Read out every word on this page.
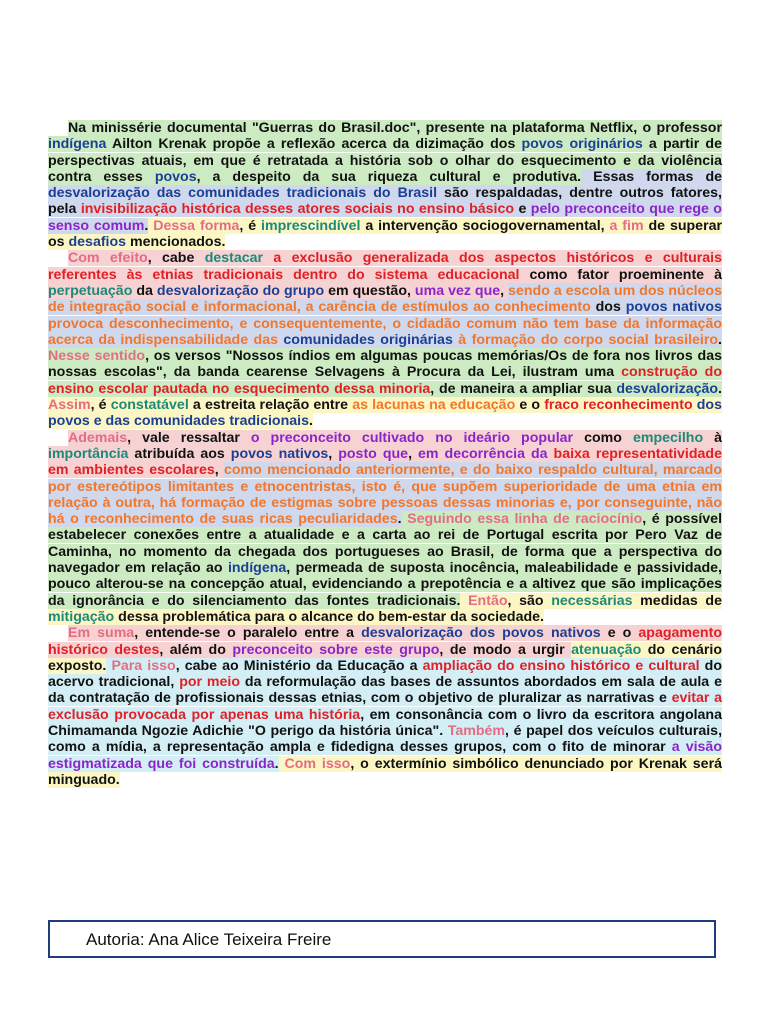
Na minissérie documental "Guerras do Brasil.doc", presente na plataforma Netflix, o professor indígena Ailton Krenak propõe a reflexão acerca da dizimação dos povos originários a partir de perspectivas atuais, em que é retratada a história sob o olhar do esquecimento e da violência contra esses povos, a despeito da sua riqueza cultural e produtiva. Essas formas de desvalorização das comunidades tradicionais do Brasil são respaldadas, dentre outros fatores, pela invisibilização histórica desses atores sociais no ensino básico e pelo preconceito que rege o senso comum. Dessa forma, é imprescindível a intervenção sociogovernamental, a fim de superar os desafios mencionados.

Com efeito, cabe destacar a exclusão generalizada dos aspectos históricos e culturais referentes às etnias tradicionais dentro do sistema educacional como fator proeminente à perpetuação da desvalorização do grupo em questão, uma vez que, sendo a escola um dos núcleos de integração social e informacional, a carência de estímulos ao conhecimento dos povos nativos provoca desconhecimento, e consequentemente, o cidadão comum não tem base da informação acerca da indispensabilidade das comunidades originárias à formação do corpo social brasileiro. Nesse sentido, os versos "Nossos índios em algumas poucas memórias/Os de fora nos livros das nossas escolas", da banda cearense Selvagens à Procura da Lei, ilustram uma construção do ensino escolar pautada no esquecimento dessa minoria, de maneira a ampliar sua desvalorização. Assim, é constatável a estreita relação entre as lacunas na educação e o fraco reconhecimento dos povos e das comunidades tradicionais.

Ademais, vale ressaltar o preconceito cultivado no ideário popular como empecilho à importância atribuída aos povos nativos, posto que, em decorrência da baixa representatividade em ambientes escolares, como mencionado anteriormente, e do baixo respaldo cultural, marcado por estereótipos limitantes e etnocentristas, isto é, que supõem superioridade de uma etnia em relação à outra, há formação de estigmas sobre pessoas dessas minorias e, por conseguinte, não há o reconhecimento de suas ricas peculiaridades. Seguindo essa linha de raciocínio, é possível estabelecer conexões entre a atualidade e a carta ao rei de Portugal escrita por Pero Vaz de Caminha, no momento da chegada dos portugueses ao Brasil, de forma que a perspectiva do navegador em relação ao indígena, permeada de suposta inocência, maleabilidade e passividade, pouco alterou-se na concepção atual, evidenciando a prepotência e a altivez que são implicações da ignorância e do silenciamento das fontes tradicionais. Então, são necessárias medidas de mitigação dessa problemática para o alcance do bem-estar da sociedade.

Em suma, entende-se o paralelo entre a desvalorização dos povos nativos e o apagamento histórico destes, além do preconceito sobre este grupo, de modo a urgir atenuação do cenário exposto. Para isso, cabe ao Ministério da Educação a ampliação do ensino histórico e cultural do acervo tradicional, por meio da reformulação das bases de assuntos abordados em sala de aula e da contratação de profissionais dessas etnias, com o objetivo de pluralizar as narrativas e evitar a exclusão provocada por apenas uma história, em consonância com o livro da escritora angolana Chimamanda Ngozie Adichie "O perigo da história única". Também, é papel dos veículos culturais, como a mídia, a representação ampla e fidedigna desses grupos, com o fito de minorar a visão estigmatizada que foi construída. Com isso, o extermínio simbólico denunciado por Krenak será minguado.

Autoria: Ana Alice Teixeira Freire
